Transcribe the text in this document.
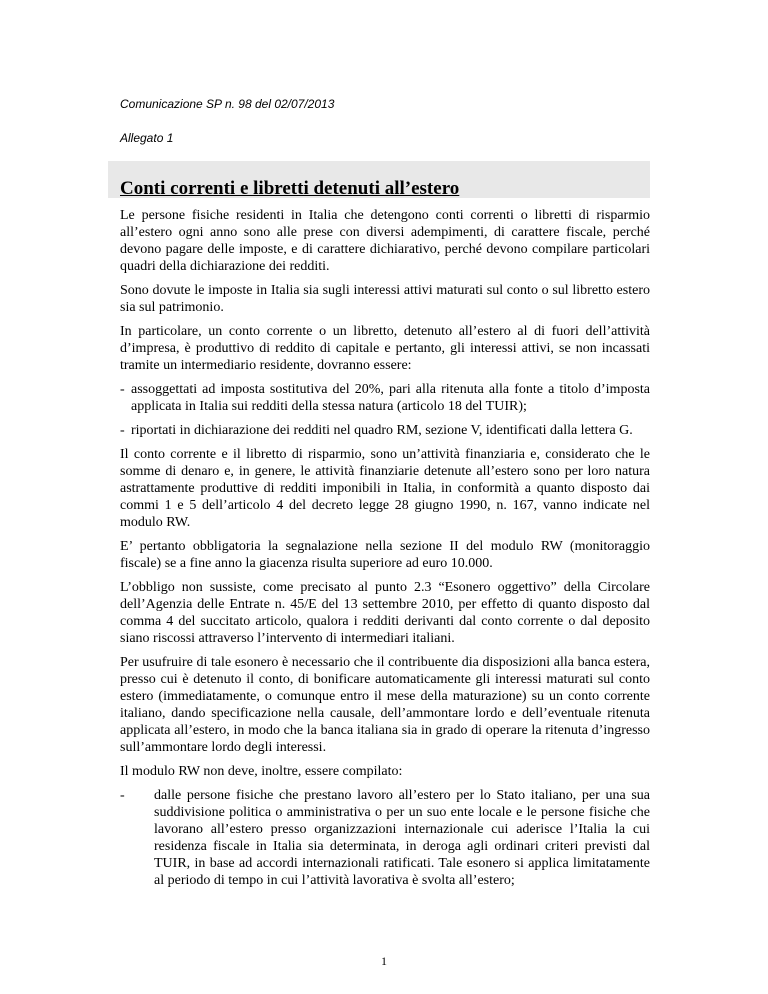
Comunicazione SP n. 98 del 02/07/2013
Allegato 1
Conti correnti e libretti detenuti all’estero

Le persone fisiche residenti in Italia che detengono conti correnti o libretti di risparmio all’estero ogni anno sono alle prese con diversi adempimenti, di carattere fiscale, perché devono pagare delle imposte, e di carattere dichiarativo, perché devono compilare particolari quadri della dichiarazione dei redditi.

Sono dovute le imposte in Italia sia sugli interessi attivi maturati sul conto o sul libretto estero sia sul patrimonio.

In particolare, un conto corrente o un libretto, detenuto all’estero al di fuori dell’attività d’impresa, è produttivo di reddito di capitale e pertanto, gli interessi attivi, se non incassati tramite un intermediario residente, dovranno essere:

- assoggettati ad imposta sostitutiva del 20%, pari alla ritenuta alla fonte a titolo d’imposta applicata in Italia sui redditi della stessa natura (articolo 18 del TUIR);
- riportati in dichiarazione dei redditi nel quadro RM, sezione V, identificati dalla lettera G.

Il conto corrente e il libretto di risparmio, sono un’attività finanziaria e, considerato che le somme di denaro e, in genere, le attività finanziarie detenute all’estero sono per loro natura astrattamente produttive di redditi imponibili in Italia, in conformità a quanto disposto dai commi 1 e 5 dell’articolo 4 del decreto legge 28 giugno 1990, n. 167, vanno indicate nel modulo RW.

E’ pertanto obbligatoria la segnalazione nella sezione II del modulo RW (monitoraggio fiscale) se a fine anno la giacenza risulta superiore ad euro 10.000.

L’obbligo non sussiste, come precisato al punto 2.3 “Esonero oggettivo” della Circolare dell’Agenzia delle Entrate n. 45/E del 13 settembre 2010, per effetto di quanto disposto dal comma 4 del succitato articolo, qualora i redditi derivanti dal conto corrente o dal deposito siano riscossi attraverso l’intervento di intermediari italiani.

Per usufruire di tale esonero è necessario che il contribuente dia disposizioni alla banca estera, presso cui è detenuto il conto, di bonificare automaticamente gli interessi maturati sul conto estero (immediatamente, o comunque entro il mese della maturazione) su un conto corrente italiano, dando specificazione nella causale, dell’ammontare lordo e dell’eventuale ritenuta applicata all’estero, in modo che la banca italiana sia in grado di operare la ritenuta d’ingresso sull’ammontare lordo degli interessi.

Il modulo RW non deve, inoltre, essere compilato:

- dalle persone fisiche che prestano lavoro all’estero per lo Stato italiano, per una sua suddivisione politica o amministrativa o per un suo ente locale e le persone fisiche che lavorano all’estero presso organizzazioni internazionale cui aderisce l’Italia la cui residenza fiscale in Italia sia determinata, in deroga agli ordinari criteri previsti dal TUIR, in base ad accordi internazionali ratificati. Tale esonero si applica limitatamente al periodo di tempo in cui l’attività lavorativa è svolta all’estero;
1
